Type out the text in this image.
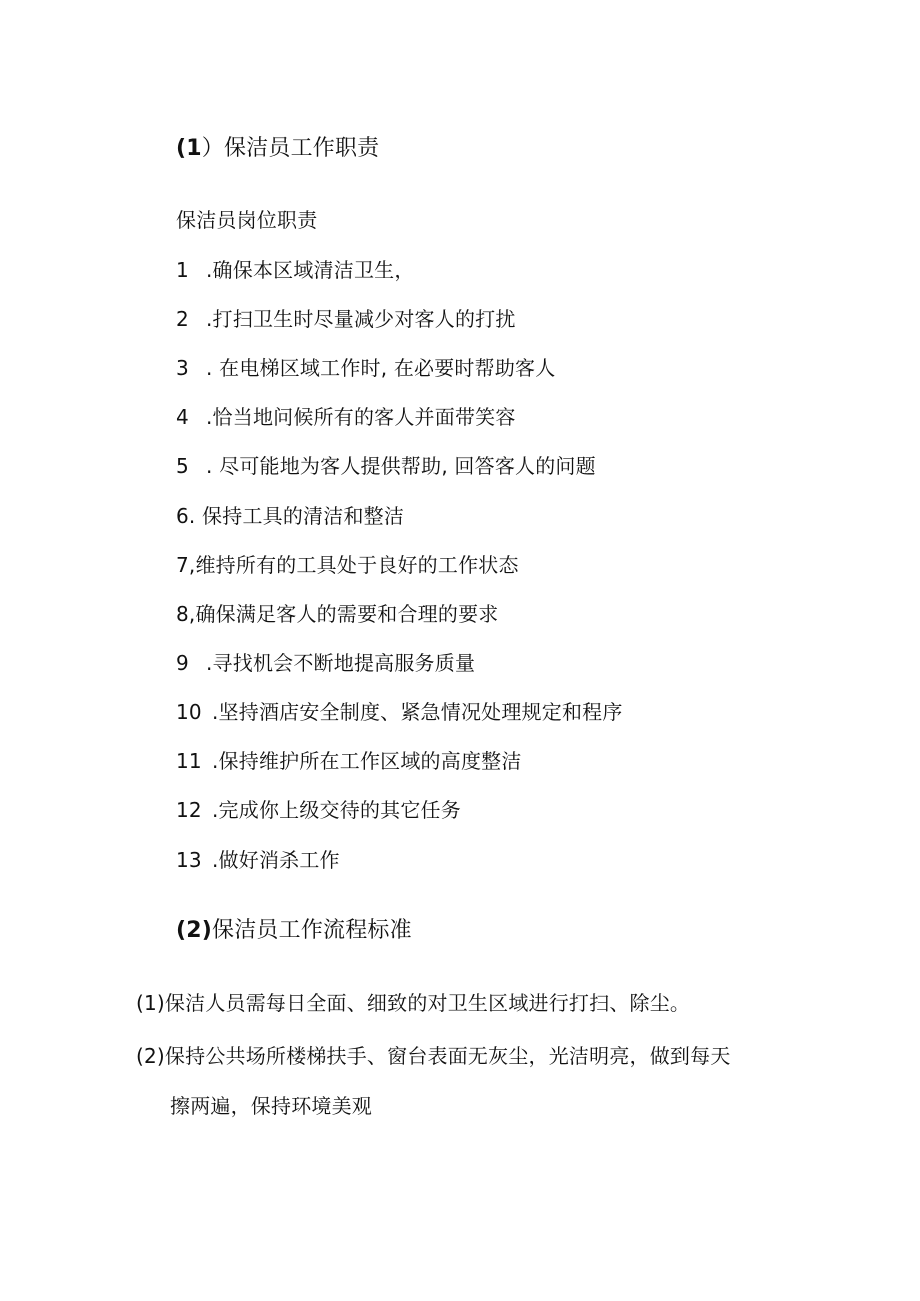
(1）保洁员工作职责
保洁员岗位职责
1 .确保本区域清洁卫生，
2 .打扫卫生时尽量减少对客人的打扰
3 . 在电梯区域工作时, 在必要时帮助客人
4 .恰当地问候所有的客人并面带笑容
5 . 尽可能地为客人提供帮助, 回答客人的问题
6. 保持工具的清洁和整洁
7,维持所有的工具处于良好的工作状态
8,确保满足客人的需要和合理的要求
9 .寻找机会不断地提高服务质量
10 .坚持酒店安全制度、紧急情况处理规定和程序
11 .保持维护所在工作区域的高度整洁
12 .完成你上级交待的其它任务
13 .做好消杀工作
(2)保洁员工作流程标准
(1)保洁人员需每日全面、细致的对卫生区域进行打扫、除尘。
(2)保持公共场所楼梯扶手、窗台表面无灰尘，光洁明亮，做到每天
擦两遍，保持环境美观
